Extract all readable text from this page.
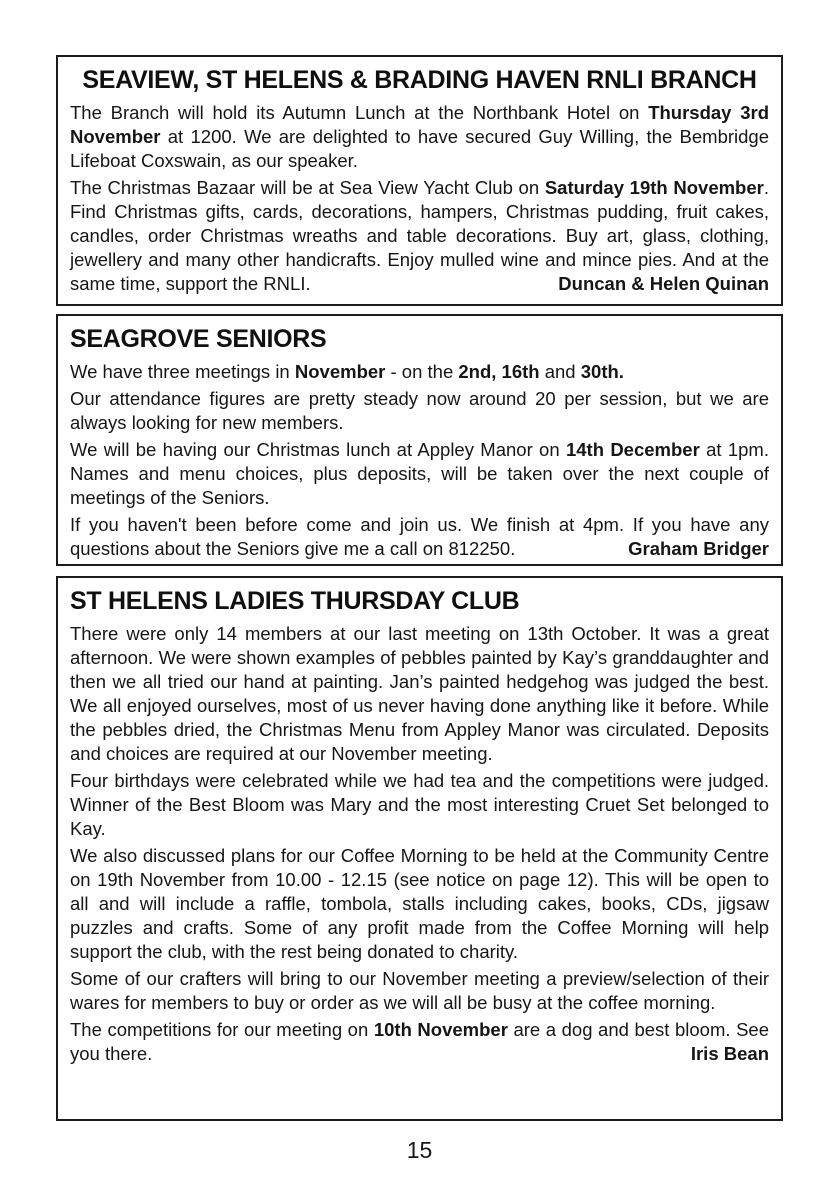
SEAVIEW, ST HELENS & BRADING HAVEN RNLI BRANCH

The Branch will hold its Autumn Lunch at the Northbank Hotel on Thursday 3rd November at 1200. We are delighted to have secured Guy Willing, the Bembridge Lifeboat Coxswain, as our speaker.

The Christmas Bazaar will be at Sea View Yacht Club on Saturday 19th November. Find Christmas gifts, cards, decorations, hampers, Christmas pudding, fruit cakes, candles, order Christmas wreaths and table decorations. Buy art, glass, clothing, jewellery and many other handicrafts. Enjoy mulled wine and mince pies. And at the same time, support the RNLI.	Duncan & Helen Quinan

SEAGROVE SENIORS

We have three meetings in November - on the 2nd, 16th and 30th.

Our attendance figures are pretty steady now around 20 per session, but we are always looking for new members.

We will be having our Christmas lunch at Appley Manor on 14th December at 1pm. Names and menu choices, plus deposits, will be taken over the next couple of meetings of the Seniors.

If you haven't been before come and join us. We finish at 4pm. If you have any questions about the Seniors give me a call on 812250.	Graham Bridger

ST HELENS LADIES THURSDAY CLUB

There were only 14 members at our last meeting on 13th October. It was a great afternoon. We were shown examples of pebbles painted by Kay’s granddaughter and then we all tried our hand at painting. Jan’s painted hedgehog was judged the best. We all enjoyed ourselves, most of us never having done anything like it before. While the pebbles dried, the Christmas Menu from Appley Manor was circulated. Deposits and choices are required at our November meeting.

Four birthdays were celebrated while we had tea and the competitions were judged. Winner of the Best Bloom was Mary and the most interesting Cruet Set belonged to Kay.

We also discussed plans for our Coffee Morning to be held at the Community Centre on 19th November from 10.00 - 12.15 (see notice on page 12). This will be open to all and will include a raffle, tombola, stalls including cakes, books, CDs, jigsaw puzzles and crafts. Some of any profit made from the Coffee Morning will help support the club, with the rest being donated to charity.

Some of our crafters will bring to our November meeting a preview/selection of their wares for members to buy or order as we will all be busy at the coffee morning.

The competitions for our meeting on 10th November are a dog and best bloom. See you there.	Iris Bean

15
